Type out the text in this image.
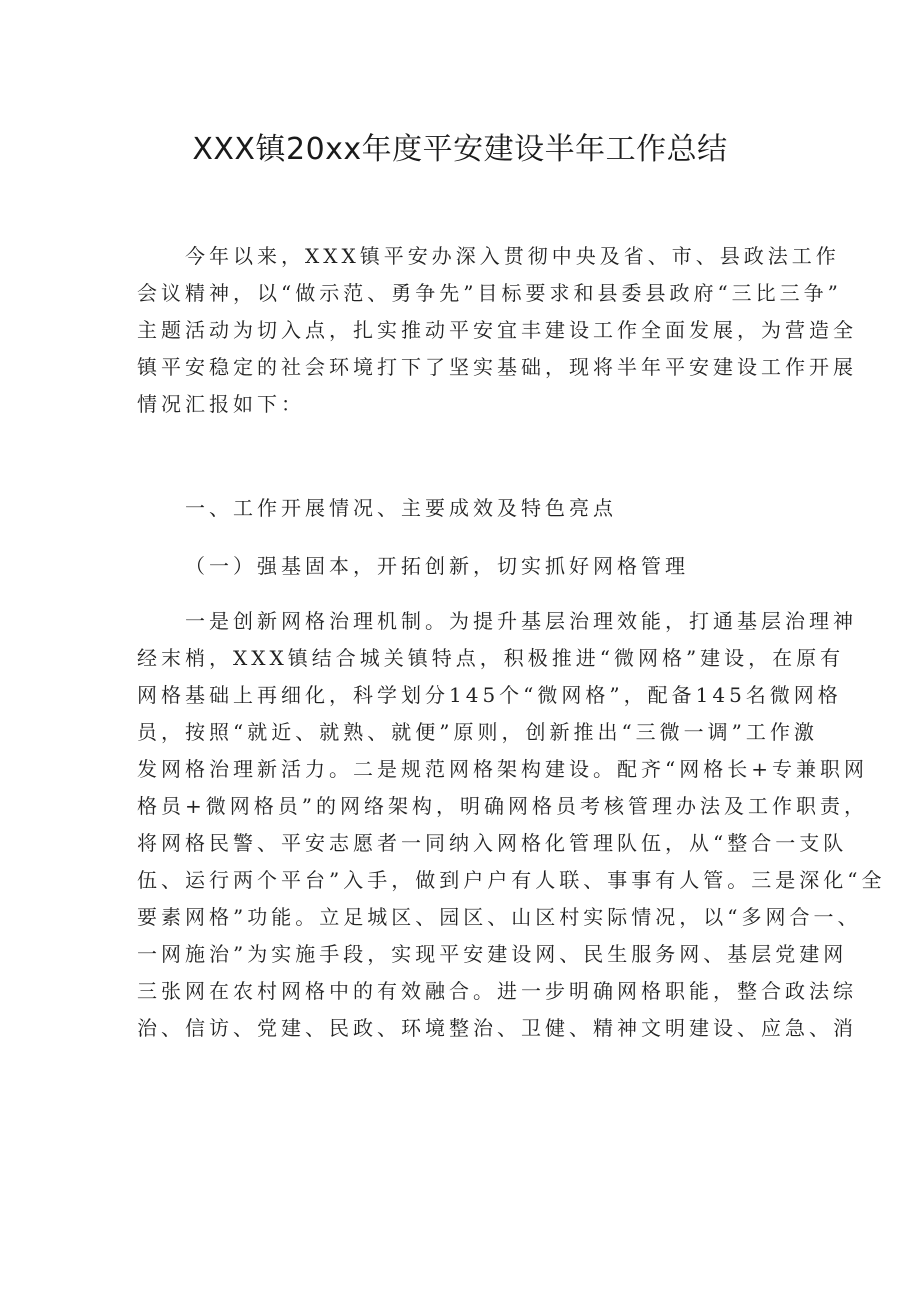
XXX镇20xx年度平安建设半年工作总结
今年以来，XXX镇平安办深入贯彻中央及省、市、县政法工作
会议精神，以“做示范、勇争先”目标要求和县委县政府“三比三争”
主题活动为切入点，扎实推动平安宜丰建设工作全面发展，为营造全
镇平安稳定的社会环境打下了坚实基础，现将半年平安建设工作开展
情况汇报如下：
一、工作开展情况、主要成效及特色亮点
（一）强基固本，开拓创新，切实抓好网格管理
一是创新网格治理机制。为提升基层治理效能，打通基层治理神
经末梢，XXX镇结合城关镇特点，积极推进“微网格”建设，在原有
网格基础上再细化，科学划分145个“微网格”，配备145名微网格
员，按照“就近、就熟、就便”原则，创新推出“三微一调”工作激
发网格治理新活力。二是规范网格架构建设。配齐“网格长+专兼职网
格员+微网格员”的网络架构，明确网格员考核管理办法及工作职责，
将网格民警、平安志愿者一同纳入网格化管理队伍，从“整合一支队
伍、运行两个平台”入手，做到户户有人联、事事有人管。三是深化“全
要素网格”功能。立足城区、园区、山区村实际情况，以“多网合一、
一网施治”为实施手段，实现平安建设网、民生服务网、基层党建网
三张网在农村网格中的有效融合。进一步明确网格职能，整合政法综
治、信访、党建、民政、环境整治、卫健、精神文明建设、应急、消
